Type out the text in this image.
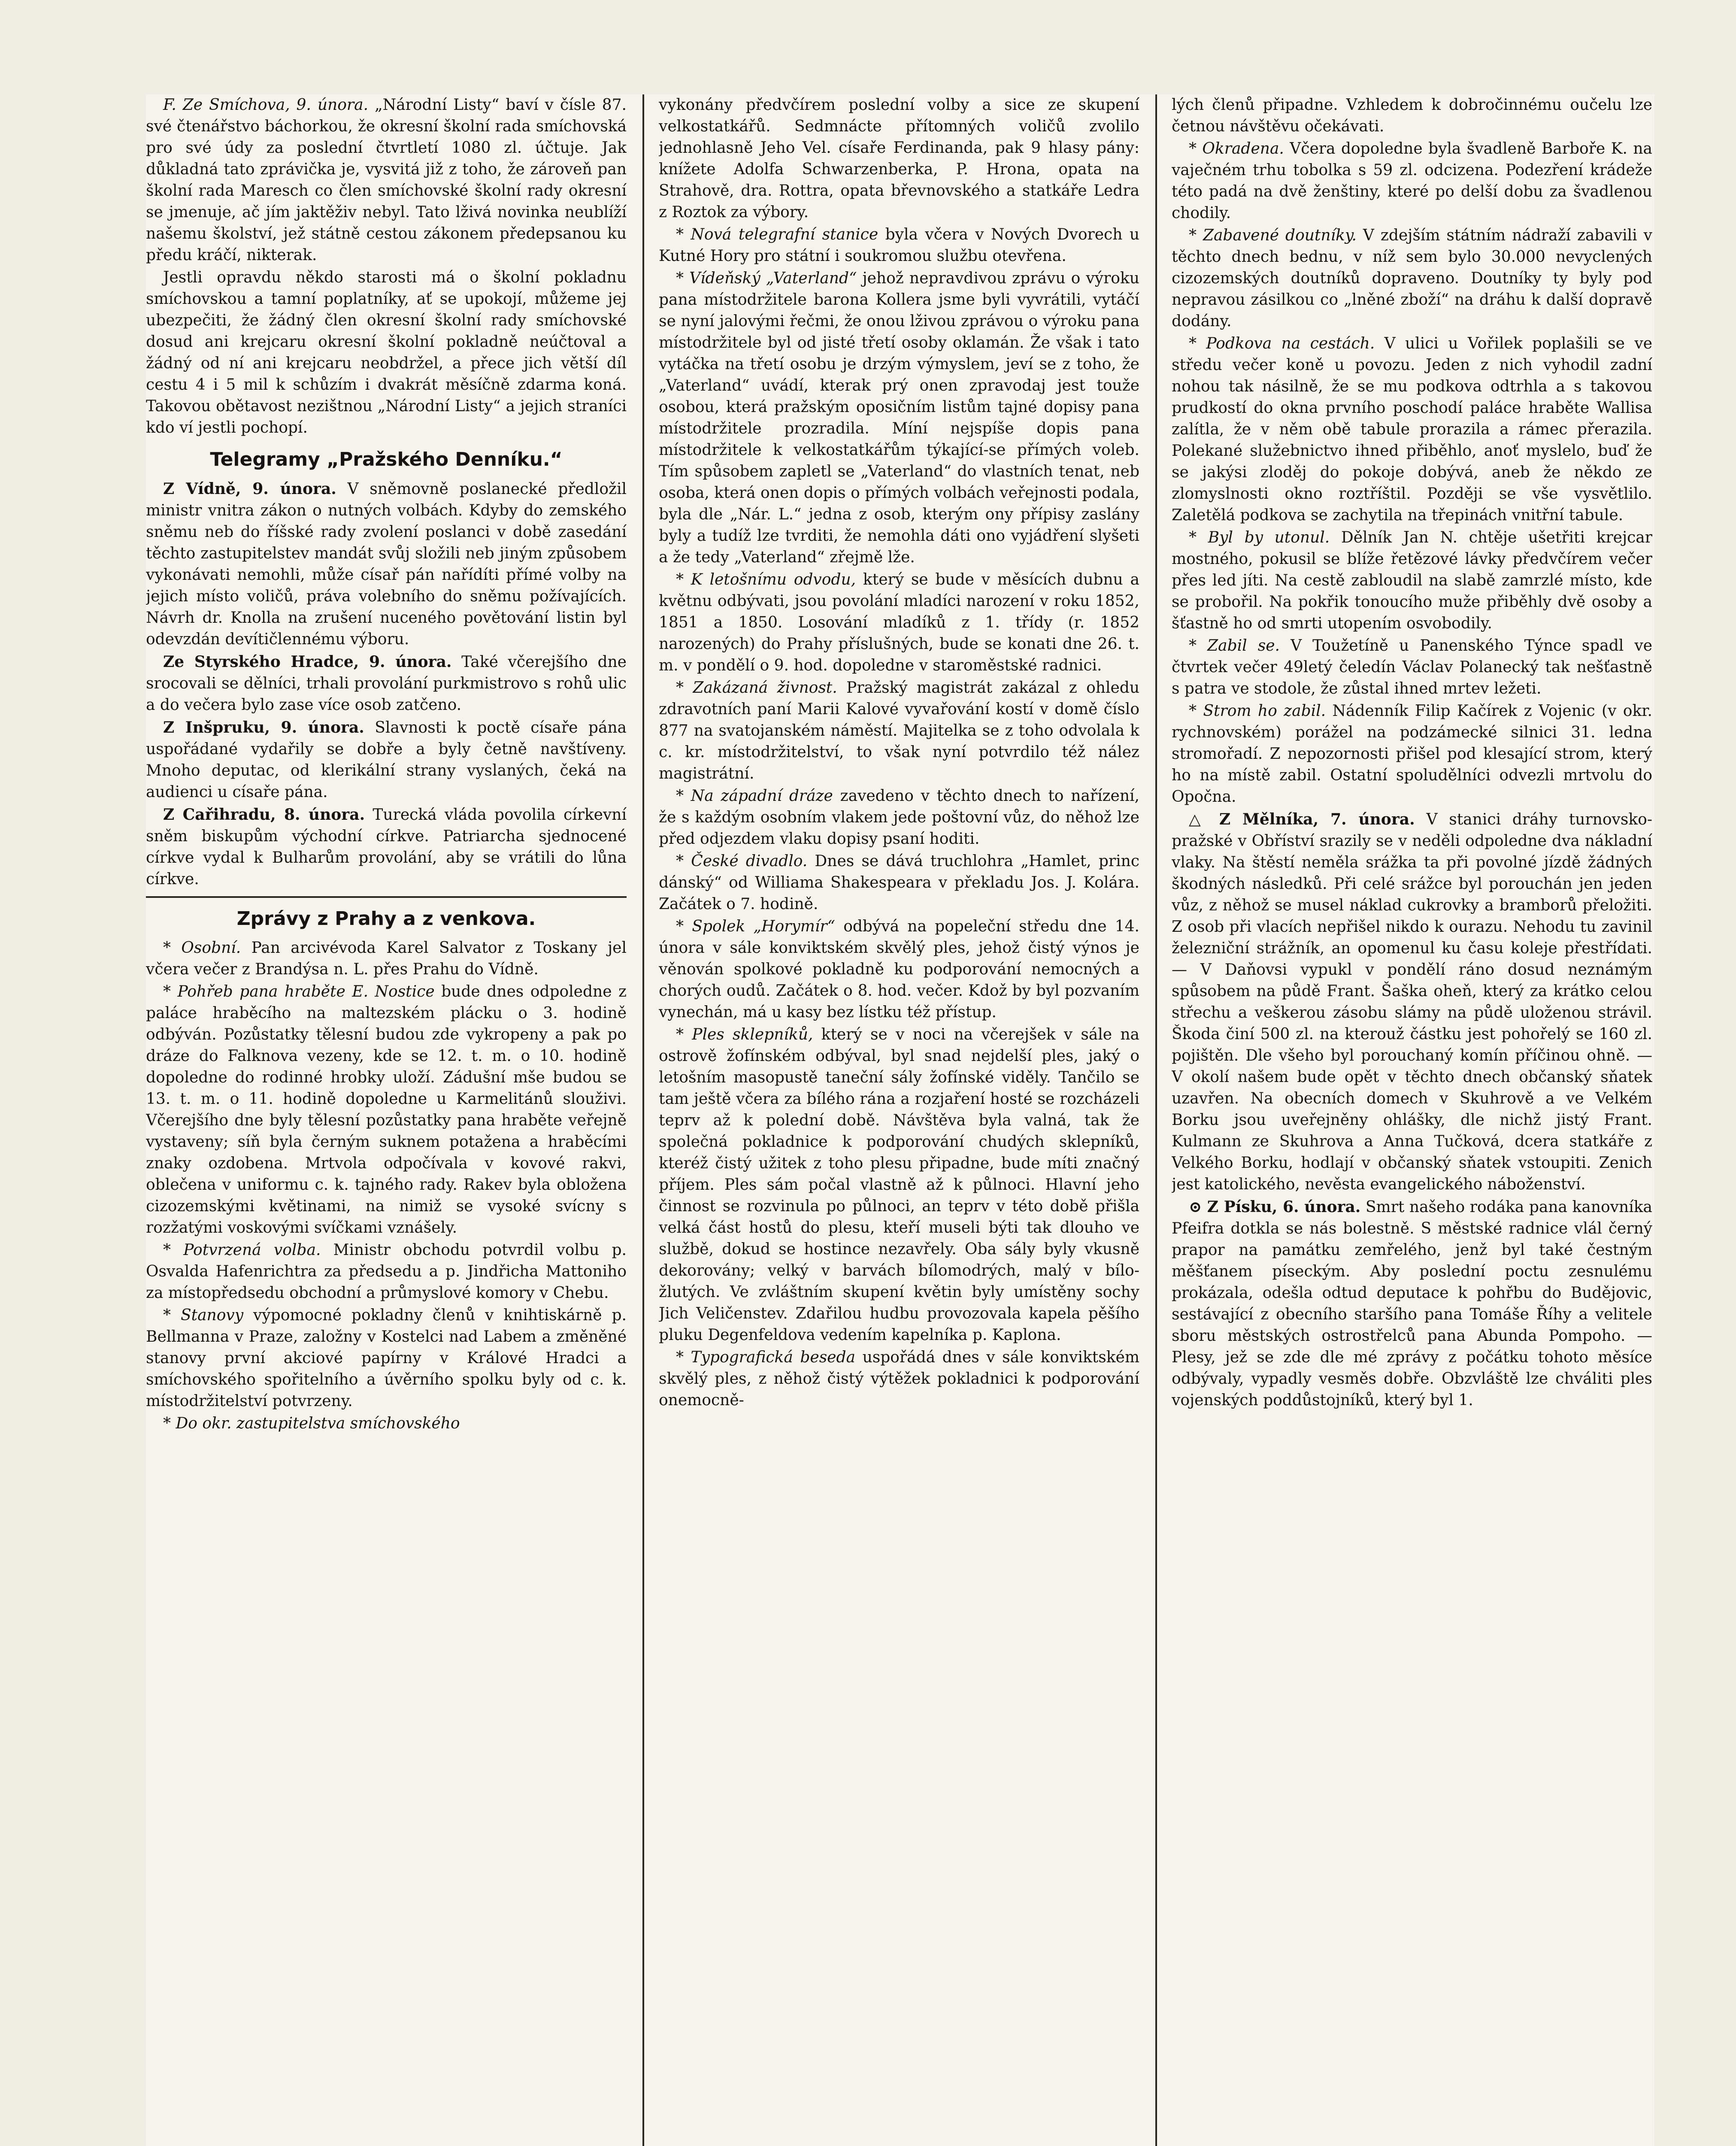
F. Ze Smíchova, 9. února. „Národní Listy“ baví v čísle 87. své čtenářstvo báchorkou, že okresní školní rada smíchovská pro své údy za poslední čtvrtletí 1080 zl. účtuje. Jak důkladná tato zprávička je, vysvitá již z toho, že zároveň pan školní rada Maresch co člen smíchovské školní rady okresní se jmenuje, ač jím jaktěživ nebyl. Tato lživá novinka neublíží našemu školství, jež státně cestou zákonem předepsanou ku předu kráčí, nikterak.

Jestli opravdu někdo starosti má o školní pokladnu smíchovskou a tamní poplatníky, ať se upokojí, můžeme jej ubezpečiti, že žádný člen okresní školní rady smíchovské dosud ani krejcaru okresní školní pokladně neúčtoval a žádný od ní ani krejcaru neobdržel, a přece jich větší díl cestu 4 i 5 mil k schůzím i dvakrát měsíčně zdarma koná. Takovou obětavost nezištnou „Národní Listy“ a jejich straníci kdo ví jestli pochopí.

Telegramy „Pražského Denníku.“

Z Vídně, 9. února. V sněmovně poslanecké předložil ministr vnitra zákon o nutných volbách. Kdyby do zemského sněmu neb do říšské rady zvolení poslanci v době zasedání těchto zastupitelstev mandát svůj složili neb jiným způsobem vykonávati nemohli, může císař pán nařídíti přímé volby na jejich místo voličů, práva volebního do sněmu požívajících. Návrh dr. Knolla na zrušení nuceného povětování listin byl odevzdán devítičlennému výboru.

Ze Styrského Hradce, 9. února. Také včerejšího dne srocovali se dělníci, trhali provolání purkmistrovo s rohů ulic a do večera bylo zase více osob zatčeno.

Z Inšpruku, 9. února. Slavnosti k poctě císaře pána uspořádané vydařily se dobře a byly četně navštíveny. Mnoho deputac, od klerikální strany vyslaných, čeká na audienci u císaře pána.

Z Cařihradu, 8. února. Turecká vláda povolila církevní sněm biskupům východní církve. Patriarcha sjednocené církve vydal k Bulharům provolání, aby se vrátili do lůna církve.

Zprávy z Prahy a z venkova.

* Osobní. Pan arcivévoda Karel Salvator z Toskany jel včera večer z Brandýsa n. L. přes Prahu do Vídně.

* Pohřeb pana hraběte E. Nostice bude dnes odpoledne z paláce hraběcího na maltezském plácku o 3. hodině odbýván. Pozůstatky tělesní budou zde vykropeny a pak po dráze do Falknova vezeny, kde se 12. t. m. o 10. hodině dopoledne do rodinné hrobky uloží. Zádušní mše budou se 13. t. m. o 11. hodině dopoledne u Karmelitánů slouživi. Včerejšího dne byly tělesní pozůstatky pana hraběte veřejně vystaveny; síň byla černým suknem potažena a hraběcími znaky ozdobena. Mrtvola odpočívala v kovové rakvi, oblečena v uniformu c. k. tajného rady. Rakev byla obložena cizozemskými květinami, na nimiž se vysoké svícny s rozžatými voskovými svíčkami vznášely.

* Potvrzená volba. Ministr obchodu potvrdil volbu p. Osvalda Hafenrichtra za předsedu a p. Jindřicha Mattoniho za místopředsedu obchodní a průmyslové komory v Chebu.

* Stanovy výpomocné pokladny členů v knihtiskárně p. Bellmanna v Praze, založny v Kostelci nad Labem a změněné stanovy první akciové papírny v Králové Hradci a smíchovského spořitelního a úvěrního spolku byly od c. k. místodržitelství potvrzeny.

* Do okr. zastupitelstva smíchovského

vykonány předvčírem poslední volby a sice ze skupení velkostatkářů. Sedmnácte přítomných voličů zvolilo jednohlasně Jeho Vel. císaře Ferdinanda, pak 9 hlasy pány: knížete Adolfa Schwarzenberka, P. Hrona, opata na Strahově, dra. Rottra, opata břevnovského a statkáře Ledra z Roztok za výbory.

* Nová telegrafní stanice byla včera v Nových Dvorech u Kutné Hory pro státní i soukromou službu otevřena.

* Vídeňský „Vaterland“ jehož nepravdivou zprávu o výroku pana místodržitele barona Kollera jsme byli vyvrátili, vytáčí se nyní jalovými řečmi, že onou lživou zprávou o výroku pana místodržitele byl od jisté třetí osoby oklamán. Že však i tato vytáčka na třetí osobu je drzým výmyslem, jeví se z toho, že „Vaterland“ uvádí, kterak prý onen zpravodaj jest touže osobou, která pražským oposičním listům tajné dopisy pana místodržitele prozradila. Míní nejspíše dopis pana místodržitele k velkostatkářům týkající-se přímých voleb. Tím spůsobem zapletl se „Vaterland“ do vlastních tenat, neb osoba, která onen dopis o přímých volbách veřejnosti podala, byla dle „Nár. L.“ jedna z osob, kterým ony přípisy zaslány byly a tudíž lze tvrditi, že nemohla dáti ono vyjádření slyšeti a že tedy „Vaterland“ zřejmě lže.

* K letošnímu odvodu, který se bude v měsících dubnu a květnu odbývati, jsou povolání mladíci narození v roku 1852, 1851 a 1850. Losování mladíků z 1. třídy (r. 1852 narozených) do Prahy příslušných, bude se konati dne 26. t. m. v pondělí o 9. hod. dopoledne v staroměstské radnici.

* Zakázaná živnost. Pražský magistrát zakázal z ohledu zdravotních paní Marii Kalové vyvařování kostí v domě číslo 877 na svatojanském náměstí. Majitelka se z toho odvolala k c. kr. místodržitelství, to však nyní potvrdilo též nález magistrátní.

* Na západní dráze zavedeno v těchto dnech to nařízení, že s každým osobním vlakem jede poštovní vůz, do něhož lze před odjezdem vlaku dopisy psaní hoditi.

* České divadlo. Dnes se dává truchlohra „Hamlet, princ dánský“ od Williama Shakespeara v překladu Jos. J. Kolára. Začátek o 7. hodině.

* Spolek „Horymír“ odbývá na popeleční středu dne 14. února v sále konviktském skvělý ples, jehož čistý výnos je věnován spolkové pokladně ku podporování nemocných a chorých oudů. Začátek o 8. hod. večer. Kdož by byl pozvaním vynechán, má u kasy bez lístku též přístup.

* Ples sklepníků, který se v noci na včerejšek v sále na ostrově žofínském odbýval, byl snad nejdelší ples, jaký o letošním masopustě taneční sály žofínské viděly. Tančilo se tam ještě včera za bílého rána a rozjaření hosté se rozcházeli teprv až k polední době. Návštěva byla valná, tak že společná pokladnice k podporování chudých sklepníků, kteréž čistý užitek z toho plesu připadne, bude míti značný příjem. Ples sám počal vlastně až k půlnoci. Hlavní jeho činnost se rozvinula po půlnoci, an teprv v této době přišla velká část hostů do plesu, kteří museli býti tak dlouho ve službě, dokud se hostince nezavřely. Oba sály byly vkusně dekorovány; velký v barvách bílomodrých, malý v bílo-žlutých. Ve zvláštním skupení květin byly umístěny sochy Jich Veličenstev. Zdařilou hudbu provozovala kapela pěšího pluku Degenfeldova vedením kapelníka p. Kaplona.

* Typografická beseda uspořádá dnes v sále konviktském skvělý ples, z něhož čistý výtěžek pokladnici k podporování onemocně-

lých členů připadne. Vzhledem k dobročinnému oučelu lze četnou návštěvu očekávati.

* Okradena. Včera dopoledne byla švadleně Barboře K. na vaječném trhu tobolka s 59 zl. odcizena. Podezření krádeže této padá na dvě ženštiny, které po delší dobu za švadlenou chodily.

* Zabavené doutníky. V zdejším státním nádraží zabavili v těchto dnech bednu, v níž sem bylo 30.000 nevyclených cizozemských doutníků dopraveno. Doutníky ty byly pod nepravou zásilkou co „lněné zboží“ na dráhu k další dopravě dodány.

* Podkova na cestách. V ulici u Vořilek poplašili se ve středu večer koně u povozu. Jeden z nich vyhodil zadní nohou tak násilně, že se mu podkova odtrhla a s takovou prudkostí do okna prvního poschodí paláce hraběte Wallisa zalítla, že v něm obě tabule prorazila a rámec přerazila. Polekané služebnictvo ihned přiběhlo, anoť myslelo, buď že se jakýsi zloděj do pokoje dobývá, aneb že někdo ze zlomyslnosti okno roztříštil. Později se vše vysvětlilo. Zaletělá podkova se zachytila na třepinách vnitřní tabule.

* Byl by utonul. Dělník Jan N. chtěje ušetřiti krejcar mostného, pokusil se blíže řetězové lávky předvčírem večer přes led jíti. Na cestě zabloudil na slabě zamrzlé místo, kde se probořil. Na pokřik tonoucího muže přiběhly dvě osoby a šťastně ho od smrti utopením osvobodily.

* Zabil se. V Toužetíně u Panenského Týnce spadl ve čtvrtek večer 49letý čeledín Václav Polanecký tak nešťastně s patra ve stodole, že zůstal ihned mrtev ležeti.

* Strom ho zabil. Nádenník Filip Kačírek z Vojenic (v okr. rychnovském) porážel na podzámecké silnici 31. ledna stromořadí. Z nepozornosti přišel pod klesající strom, který ho na místě zabil. Ostatní spoludělníci odvezli mrtvolu do Opočna.

△ Z Mělníka, 7. února. V stanici dráhy turnovsko-pražské v Obříství srazily se v neděli odpoledne dva nákladní vlaky. Na štěstí neměla srážka ta při povolné jízdě žádných škodných následků. Při celé srážce byl porouchán jen jeden vůz, z něhož se musel náklad cukrovky a bramborů přeložiti. Z osob při vlacích nepřišel nikdo k ourazu. Nehodu tu zavinil železniční strážník, an opomenul ku času koleje přestřídati. — V Daňovsi vypukl v pondělí ráno dosud neznámým spůsobem na půdě Frant. Šaška oheň, který za krátko celou střechu a veškerou zásobu slámy na půdě uloženou strávil. Škoda činí 500 zl. na kterouž částku jest pohořelý se 160 zl. pojištěn. Dle všeho byl porouchaný komín příčinou ohně. — V okolí našem bude opět v těchto dnech občanský sňatek uzavřen. Na obecních domech v Skuhrově a ve Velkém Borku jsou uveřejněny ohlášky, dle nichž jistý Frant. Kulmann ze Skuhrova a Anna Tučková, dcera statkáře z Velkého Borku, hodlají v občanský sňatek vstoupiti. Zenich jest katolického, nevěsta evangelického náboženství.

⊙ Z Písku, 6. února. Smrt našeho rodáka pana kanovníka Pfeifra dotkla se nás bolestně. S městské radnice vlál černý prapor na památku zemřelého, jenž byl také čestným měšťanem píseckým. Aby poslední poctu zesnulému prokázala, odešla odtud deputace k pohřbu do Budějovic, sestávající z obecního staršího pana Tomáše Říhy a velitele sboru městských ostrostřelců pana Abunda Pompoho. — Plesy, jež se zde dle mé zprávy z počátku tohoto měsíce odbývaly, vypadly vesměs dobře. Obzvláště lze chváliti ples vojenských poddůstojníků, který byl 1.
